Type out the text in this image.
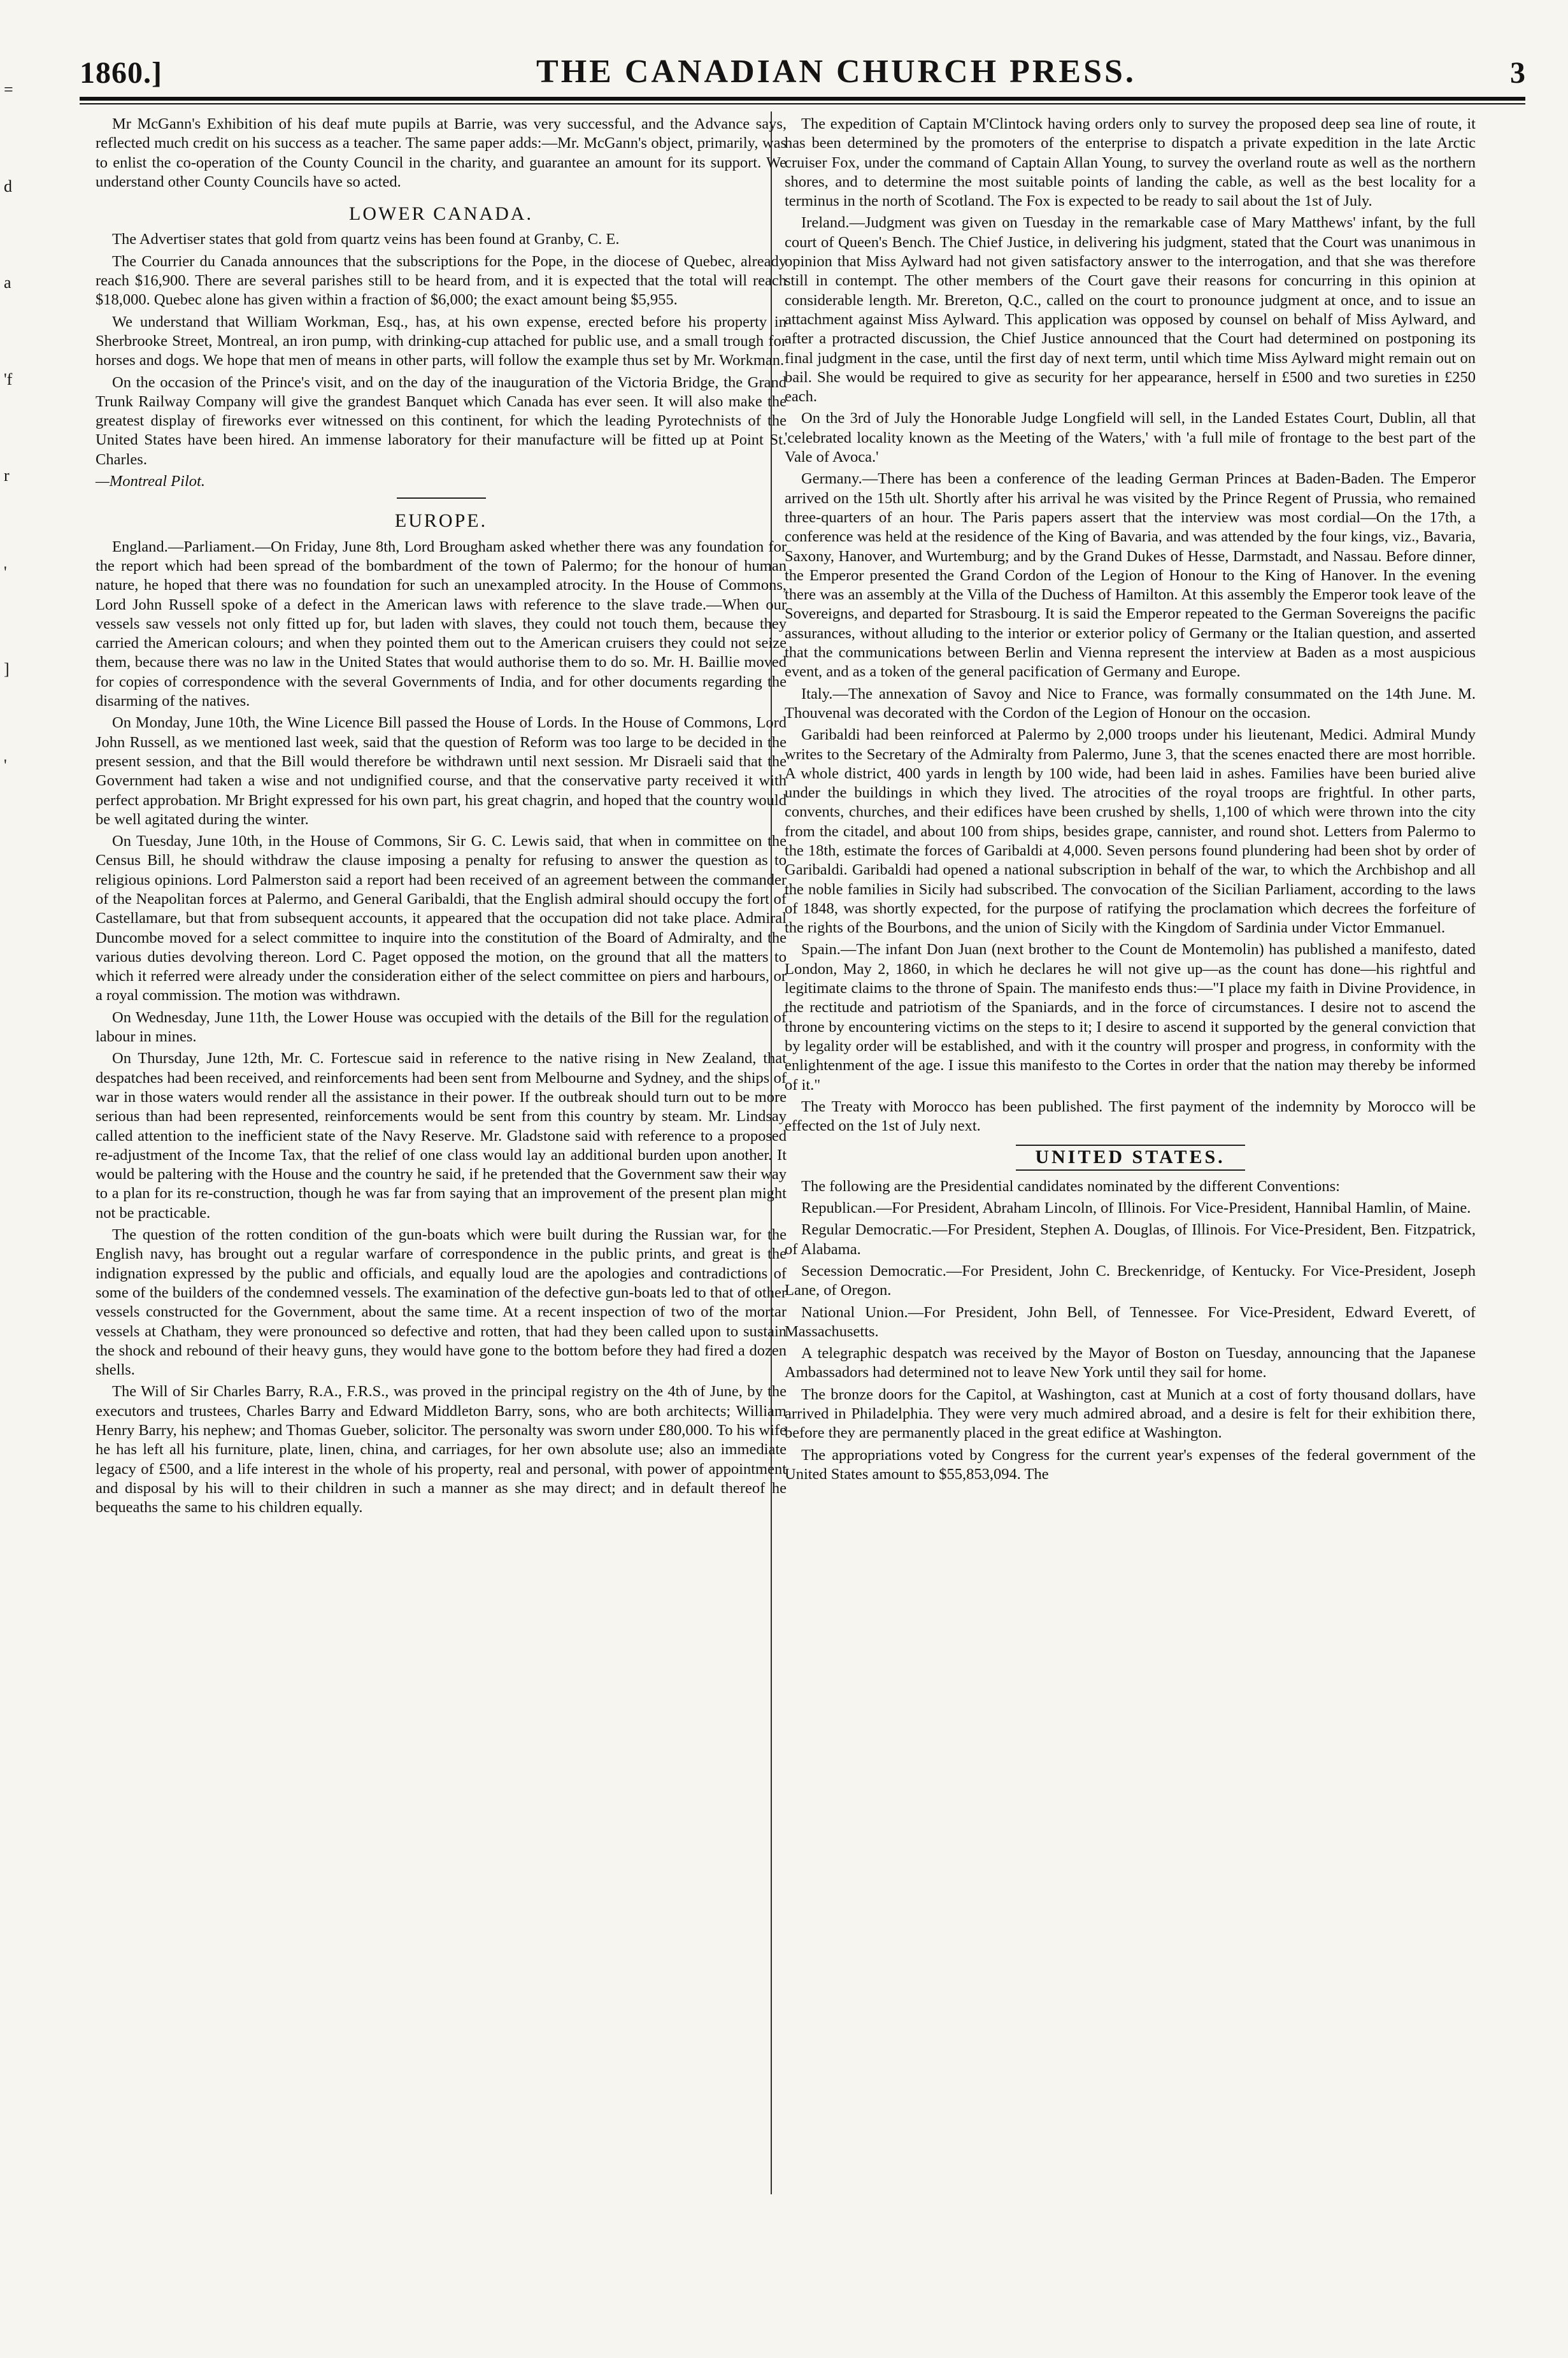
=
d
a
'f
r
'
]
'
1860.]	THE CANADIAN CHURCH PRESS.	3

Mr McGann's Exhibition of his deaf mute pupils at Barrie, was very successful, and the Advance says, reflected much credit on his success as a teacher. The same paper adds:—Mr. McGann's object, primarily, was to enlist the co-operation of the County Council in the charity, and guarantee an amount for its support. We understand other County Councils have so acted.

LOWER CANADA.

The Advertiser states that gold from quartz veins has been found at Granby, C. E.

The Courrier du Canada announces that the subscriptions for the Pope, in the diocese of Quebec, already reach $16,900. There are several parishes still to be heard from, and it is expected that the total will reach $18,000. Quebec alone has given within a fraction of $6,000; the exact amount being $5,955.

We understand that William Workman, Esq., has, at his own expense, erected before his property in Sherbrooke Street, Montreal, an iron pump, with drinking-cup attached for public use, and a small trough for horses and dogs. We hope that men of means in other parts, will follow the example thus set by Mr. Workman.

On the occasion of the Prince's visit, and on the day of the inauguration of the Victoria Bridge, the Grand Trunk Railway Company will give the grandest Banquet which Canada has ever seen. It will also make the greatest display of fireworks ever witnessed on this continent, for which the leading Pyrotechnists of the United States have been hired. An immense laboratory for their manufacture will be fitted up at Point St. Charles.

—Montreal Pilot.

EUROPE.

England.—Parliament.—On Friday, June 8th, Lord Brougham asked whether there was any foundation for the report which had been spread of the bombardment of the town of Palermo; for the honour of human nature, he hoped that there was no foundation for such an unexampled atrocity. In the House of Commons, Lord John Russell spoke of a defect in the American laws with reference to the slave trade.—When our vessels saw vessels not only fitted up for, but laden with slaves, they could not touch them, because they carried the American colours; and when they pointed them out to the American cruisers they could not seize them, because there was no law in the United States that would authorise them to do so. Mr. H. Baillie moved for copies of correspondence with the several Governments of India, and for other documents regarding the disarming of the natives.

On Monday, June 10th, the Wine Licence Bill passed the House of Lords. In the House of Commons, Lord John Russell, as we mentioned last week, said that the question of Reform was too large to be decided in the present session, and that the Bill would therefore be withdrawn until next session. Mr Disraeli said that the Government had taken a wise and not undignified course, and that the conservative party received it with perfect approbation. Mr Bright expressed for his own part, his great chagrin, and hoped that the country would be well agitated during the winter.

On Tuesday, June 10th, in the House of Commons, Sir G. C. Lewis said, that when in committee on the Census Bill, he should withdraw the clause imposing a penalty for refusing to answer the question as to religious opinions. Lord Palmerston said a report had been received of an agreement between the commander of the Neapolitan forces at Palermo, and General Garibaldi, that the English admiral should occupy the fort of Castellamare, but that from subsequent accounts, it appeared that the occupation did not take place. Admiral Duncombe moved for a select committee to inquire into the constitution of the Board of Admiralty, and the various duties devolving thereon. Lord C. Paget opposed the motion, on the ground that all the matters to which it referred were already under the consideration either of the select committee on piers and harbours, or a royal commission. The motion was withdrawn.

On Wednesday, June 11th, the Lower House was occupied with the details of the Bill for the regulation of labour in mines.

On Thursday, June 12th, Mr. C. Fortescue said in reference to the native rising in New Zealand, that despatches had been received, and reinforcements had been sent from Melbourne and Sydney, and the ships of war in those waters would render all the assistance in their power. If the outbreak should turn out to be more serious than had been represented, reinforcements would be sent from this country by steam. Mr. Lindsay called attention to the inefficient state of the Navy Reserve. Mr. Gladstone said with reference to a proposed re-adjustment of the Income Tax, that the relief of one class would lay an additional burden upon another. It would be paltering with the House and the country he said, if he pretended that the Government saw their way to a plan for its re-construction, though he was far from saying that an improvement of the present plan might not be practicable.

The question of the rotten condition of the gun-boats which were built during the Russian war, for the English navy, has brought out a regular warfare of correspondence in the public prints, and great is the indignation expressed by the public and officials, and equally loud are the apologies and contradictions of some of the builders of the condemned vessels. The examination of the defective gun-boats led to that of other vessels constructed for the Government, about the same time. At a recent inspection of two of the mortar vessels at Chatham, they were pronounced so defective and rotten, that had they been called upon to sustain the shock and rebound of their heavy guns, they would have gone to the bottom before they had fired a dozen shells.

The Will of Sir Charles Barry, R.A., F.R.S., was proved in the principal registry on the 4th of June, by the executors and trustees, Charles Barry and Edward Middleton Barry, sons, who are both architects; William Henry Barry, his nephew; and Thomas Gueber, solicitor. The personalty was sworn under £80,000. To his wife he has left all his furniture, plate, linen, china, and carriages, for her own absolute use; also an immediate legacy of £500, and a life interest in the whole of his property, real and personal, with power of appointment and disposal by his will to their children in such a manner as she may direct; and in default thereof he bequeaths the same to his children equally.

The expedition of Captain M'Clintock having orders only to survey the proposed deep sea line of route, it has been determined by the promoters of the enterprise to dispatch a private expedition in the late Arctic cruiser Fox, under the command of Captain Allan Young, to survey the overland route as well as the northern shores, and to determine the most suitable points of landing the cable, as well as the best locality for a terminus in the north of Scotland. The Fox is expected to be ready to sail about the 1st of July.

Ireland.—Judgment was given on Tuesday in the remarkable case of Mary Matthews' infant, by the full court of Queen's Bench. The Chief Justice, in delivering his judgment, stated that the Court was unanimous in opinion that Miss Aylward had not given satisfactory answer to the interrogation, and that she was therefore still in contempt. The other members of the Court gave their reasons for concurring in this opinion at considerable length. Mr. Brereton, Q.C., called on the court to pronounce judgment at once, and to issue an attachment against Miss Aylward. This application was opposed by counsel on behalf of Miss Aylward, and after a protracted discussion, the Chief Justice announced that the Court had determined on postponing its final judgment in the case, until the first day of next term, until which time Miss Aylward might remain out on bail. She would be required to give as security for her appearance, herself in £500 and two sureties in £250 each.

On the 3rd of July the Honorable Judge Longfield will sell, in the Landed Estates Court, Dublin, all that 'celebrated locality known as the Meeting of the Waters,' with 'a full mile of frontage to the best part of the Vale of Avoca.'

Germany.—There has been a conference of the leading German Princes at Baden-Baden. The Emperor arrived on the 15th ult. Shortly after his arrival he was visited by the Prince Regent of Prussia, who remained three-quarters of an hour. The Paris papers assert that the interview was most cordial—On the 17th, a conference was held at the residence of the King of Bavaria, and was attended by the four kings, viz., Bavaria, Saxony, Hanover, and Wurtemburg; and by the Grand Dukes of Hesse, Darmstadt, and Nassau. Before dinner, the Emperor presented the Grand Cordon of the Legion of Honour to the King of Hanover. In the evening there was an assembly at the Villa of the Duchess of Hamilton. At this assembly the Emperor took leave of the Sovereigns, and departed for Strasbourg. It is said the Emperor repeated to the German Sovereigns the pacific assurances, without alluding to the interior or exterior policy of Germany or the Italian question, and asserted that the communications between Berlin and Vienna represent the interview at Baden as a most auspicious event, and as a token of the general pacification of Germany and Europe.

Italy.—The annexation of Savoy and Nice to France, was formally consummated on the 14th June. M. Thouvenal was decorated with the Cordon of the Legion of Honour on the occasion.

Garibaldi had been reinforced at Palermo by 2,000 troops under his lieutenant, Medici. Admiral Mundy writes to the Secretary of the Admiralty from Palermo, June 3, that the scenes enacted there are most horrible. A whole district, 400 yards in length by 100 wide, had been laid in ashes. Families have been buried alive under the buildings in which they lived. The atrocities of the royal troops are frightful. In other parts, convents, churches, and their edifices have been crushed by shells, 1,100 of which were thrown into the city from the citadel, and about 100 from ships, besides grape, cannister, and round shot. Letters from Palermo to the 18th, estimate the forces of Garibaldi at 4,000. Seven persons found plundering had been shot by order of Garibaldi. Garibaldi had opened a national subscription in behalf of the war, to which the Archbishop and all the noble families in Sicily had subscribed. The convocation of the Sicilian Parliament, according to the laws of 1848, was shortly expected, for the purpose of ratifying the proclamation which decrees the forfeiture of the rights of the Bourbons, and the union of Sicily with the Kingdom of Sardinia under Victor Emmanuel.

Spain.—The infant Don Juan (next brother to the Count de Montemolin) has published a manifesto, dated London, May 2, 1860, in which he declares he will not give up—as the count has done—his rightful and legitimate claims to the throne of Spain. The manifesto ends thus:—"I place my faith in Divine Providence, in the rectitude and patriotism of the Spaniards, and in the force of circumstances. I desire not to ascend the throne by encountering victims on the steps to it; I desire to ascend it supported by the general conviction that by legality order will be established, and with it the country will prosper and progress, in conformity with the enlightenment of the age. I issue this manifesto to the Cortes in order that the nation may thereby be informed of it."

The Treaty with Morocco has been published. The first payment of the indemnity by Morocco will be effected on the 1st of July next.

UNITED STATES.

The following are the Presidential candidates nominated by the different Conventions:

Republican.—For President, Abraham Lincoln, of Illinois. For Vice-President, Hannibal Hamlin, of Maine.

Regular Democratic.—For President, Stephen A. Douglas, of Illinois. For Vice-President, Ben. Fitzpatrick, of Alabama.

Secession Democratic.—For President, John C. Breckenridge, of Kentucky. For Vice-President, Joseph Lane, of Oregon.

National Union.—For President, John Bell, of Tennessee. For Vice-President, Edward Everett, of Massachusetts.

A telegraphic despatch was received by the Mayor of Boston on Tuesday, announcing that the Japanese Ambassadors had determined not to leave New York until they sail for home.

The bronze doors for the Capitol, at Washington, cast at Munich at a cost of forty thousand dollars, have arrived in Philadelphia. They were very much admired abroad, and a desire is felt for their exhibition there, before they are permanently placed in the great edifice at Washington.

The appropriations voted by Congress for the current year's expenses of the federal government of the United States amount to $55,853,094. The
